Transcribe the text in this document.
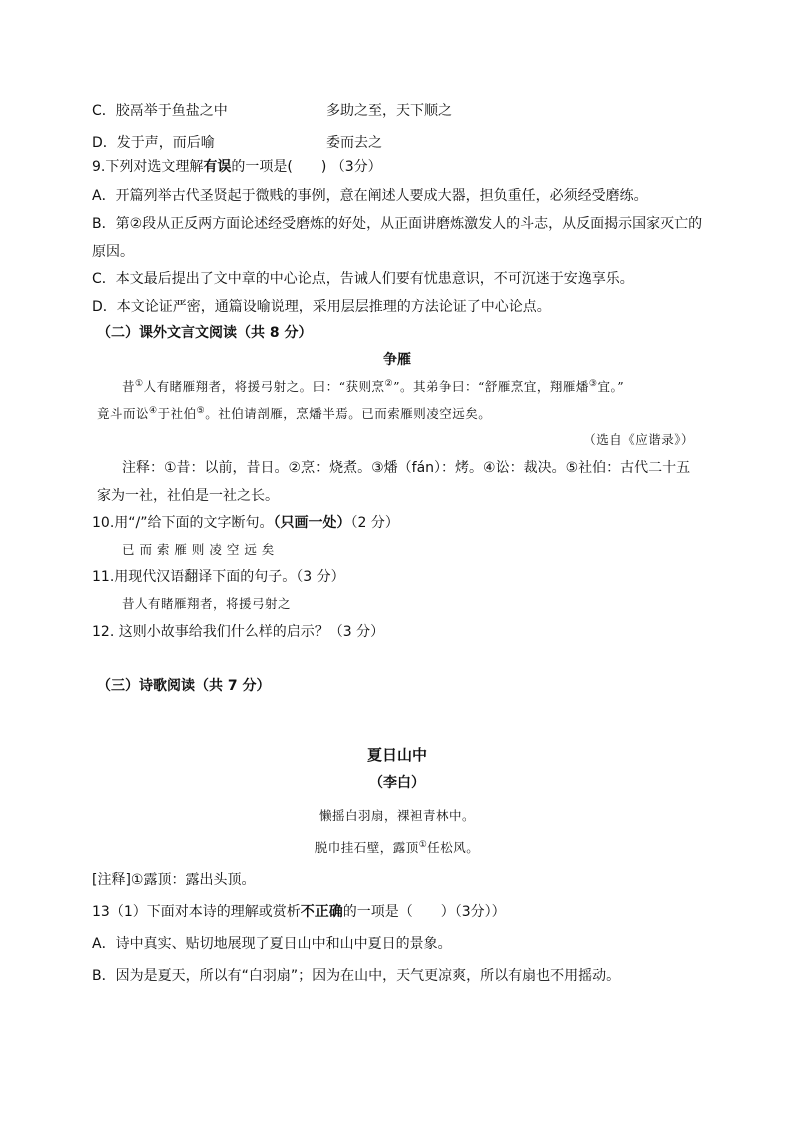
C．胶鬲举于鱼盐之中	多助之至，天下顺之
D．发于声，而后喻	委而去之
9.下列对选文理解有误的一项是(　　) （3分）
A．开篇列举古代圣贤起于微贱的事例，意在阐述人要成大器，担负重任，必须经受磨练。
B．第②段从正反两方面论述经受磨炼的好处，从正面讲磨炼激发人的斗志，从反面揭示国家灭亡的
原因。
C．本文最后提出了文中章的中心论点，告诫人们要有忧患意识，不可沉迷于安逸享乐。
D．本文论证严密，通篇设喻说理，采用层层推理的方法论证了中心论点。
（二）课外文言文阅读（共 8 分）
争雁
昔①人有睹雁翔者，将援弓射之。曰：“获则烹②”。其弟争曰：“舒雁烹宜，翔雁燔③宜。”
竟斗而讼④于社伯⑤。社伯请剖雁，烹燔半焉。已而索雁则凌空远矣。
（选自《应谐录》）
注释：①昔：以前，昔日。②烹：烧煮。③燔（fán）：烤。④讼：裁决。⑤社伯：古代二十五
家为一社，社伯是一社之长。
10.用“/”给下面的文字断句。（只画一处）（2 分）
已 而 索 雁 则 凌 空 远 矣
11.用现代汉语翻译下面的句子。（3 分）
昔人有睹雁翔者，将援弓射之
12. 这则小故事给我们什么样的启示？（3 分）
（三）诗歌阅读（共 7 分）
夏日山中
（李白）
懒摇白羽扇，裸袒青林中。
脱巾挂石壁，露顶①任松风。
[注释]①露顶：露出头顶。
13（1）下面对本诗的理解或赏析不正确的一项是（　　）（3分））
A．诗中真实、贴切地展现了夏日山中和山中夏日的景象。
B．因为是夏天，所以有“白羽扇”；因为在山中，天气更凉爽，所以有扇也不用摇动。
